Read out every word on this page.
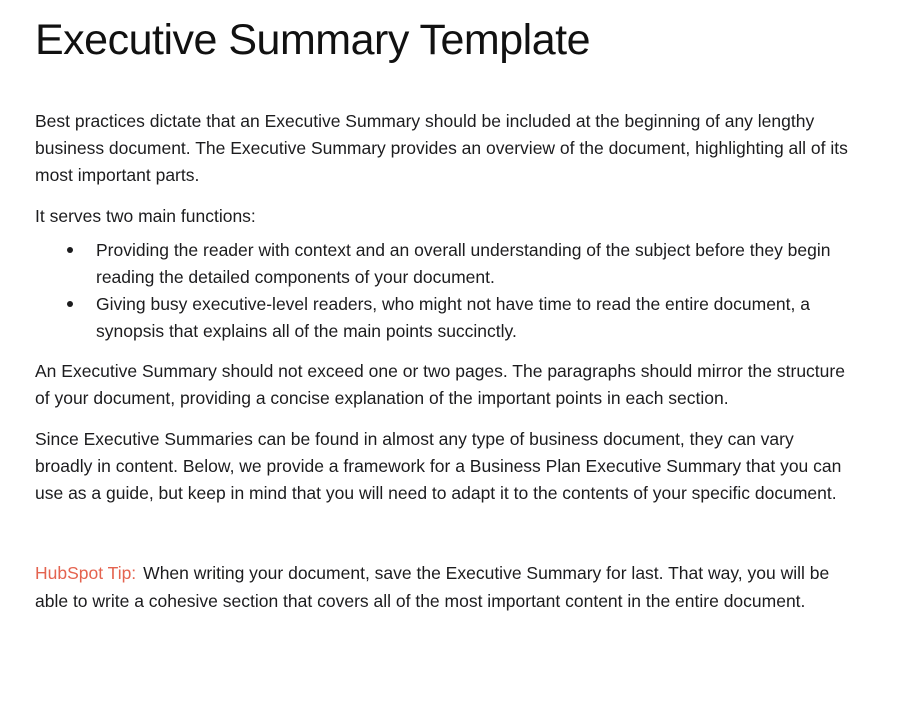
Executive Summary Template

Best practices dictate that an Executive Summary should be included at the beginning of any lengthy business document. The Executive Summary provides an overview of the document, highlighting all of its most important parts.

It serves two main functions:

Providing the reader with context and an overall understanding of the subject before they begin reading the detailed components of your document.
Giving busy executive-level readers, who might not have time to read the entire document, a synopsis that explains all of the main points succinctly.

An Executive Summary should not exceed one or two pages. The paragraphs should mirror the structure of your document, providing a concise explanation of the important points in each section.

Since Executive Summaries can be found in almost any type of business document, they can vary broadly in content. Below, we provide a framework for a Business Plan Executive Summary that you can use as a guide, but keep in mind that you will need to adapt it to the contents of your specific document.

HubSpot Tip: When writing your document, save the Executive Summary for last. That way, you will be able to write a cohesive section that covers all of the most important content in the entire document.
